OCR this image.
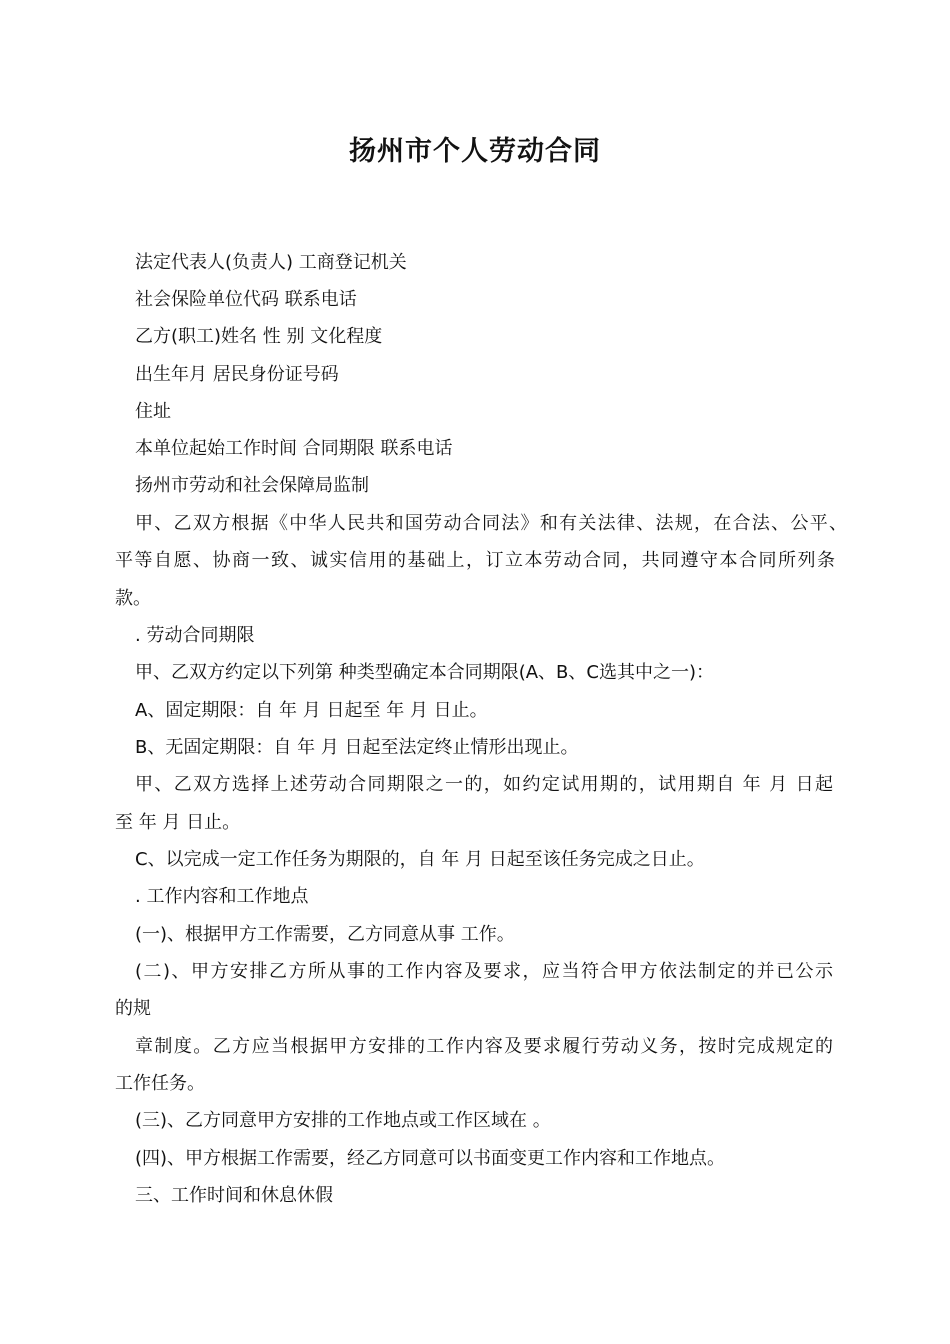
扬州市个人劳动合同
法定代表人(负责人) 工商登记机关
社会保险单位代码 联系电话
乙方(职工)姓名 性 别 文化程度
出生年月 居民身份证号码
住址
本单位起始工作时间 合同期限 联系电话
扬州市劳动和社会保障局监制
甲、乙双方根据《中华人民共和国劳动合同法》和有关法律、法规，在合法、公平、
平等自愿、协商一致、诚实信用的基础上，订立本劳动合同，共同遵守本合同所列条
款。
. 劳动合同期限
甲、乙双方约定以下列第 种类型确定本合同期限(A、B、C选其中之一)：
A、固定期限：自 年 月 日起至 年 月 日止。
B、无固定期限：自 年 月 日起至法定终止情形出现止。
甲、乙双方选择上述劳动合同期限之一的，如约定试用期的，试用期自 年 月 日起
至 年 月 日止。
C、以完成一定工作任务为期限的，自 年 月 日起至该任务完成之日止。
. 工作内容和工作地点
(一)、根据甲方工作需要，乙方同意从事 工作。
(二)、甲方安排乙方所从事的工作内容及要求，应当符合甲方依法制定的并已公示
的规
章制度。乙方应当根据甲方安排的工作内容及要求履行劳动义务，按时完成规定的
工作任务。
(三)、乙方同意甲方安排的工作地点或工作区域在 。
(四)、甲方根据工作需要，经乙方同意可以书面变更工作内容和工作地点。
三、工作时间和休息休假
